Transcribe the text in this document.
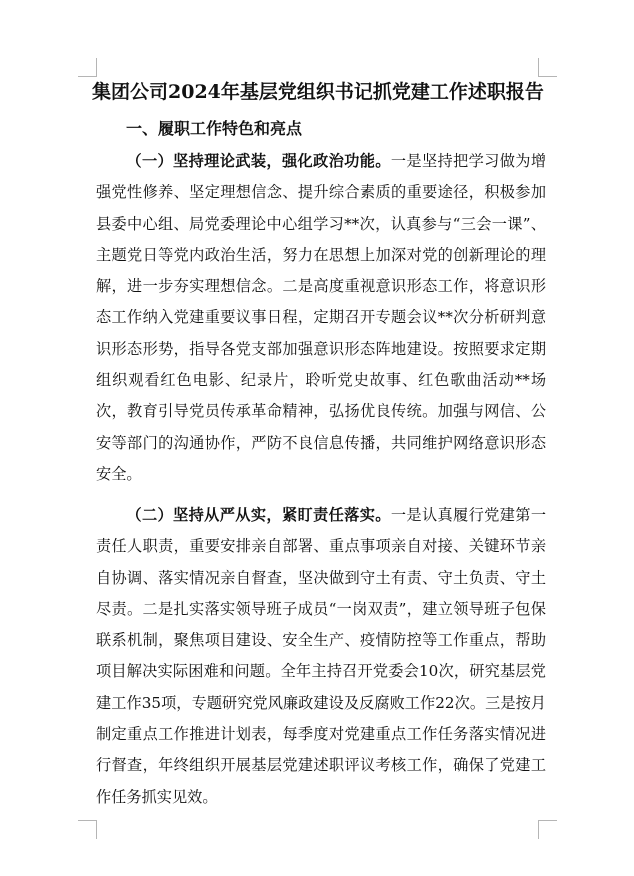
集团公司2024年基层党组织书记抓党建工作述职报告
一、履职工作特色和亮点

（一）坚持理论武装，强化政治功能。一是坚持把学习做为增强党性修养、坚定理想信念、提升综合素质的重要途径，积极参加县委中心组、局党委理论中心组学习**次，认真参与“三会一课”、主题党日等党内政治生活，努力在思想上加深对党的创新理论的理解，进一步夯实理想信念。二是高度重视意识形态工作，将意识形态工作纳入党建重要议事日程，定期召开专题会议**次分析研判意识形态形势，指导各党支部加强意识形态阵地建设。按照要求定期组织观看红色电影、纪录片，聆听党史故事、红色歌曲活动**场次，教育引导党员传承革命精神，弘扬优良传统。加强与网信、公安等部门的沟通协作，严防不良信息传播，共同维护网络意识形态安全。

（二）坚持从严从实，紧盯责任落实。一是认真履行党建第一责任人职责，重要安排亲自部署、重点事项亲自对接、关键环节亲自协调、落实情况亲自督查，坚决做到守土有责、守土负责、守土尽责。二是扎实落实领导班子成员“一岗双责”，建立领导班子包保联系机制，聚焦项目建设、安全生产、疫情防控等工作重点，帮助项目解决实际困难和问题。全年主持召开党委会10次，研究基层党建工作35项，专题研究党风廉政建设及反腐败工作22次。三是按月制定重点工作推进计划表，每季度对党建重点工作任务落实情况进行督查，年终组织开展基层党建述职评议考核工作，确保了党建工作任务抓实见效。
